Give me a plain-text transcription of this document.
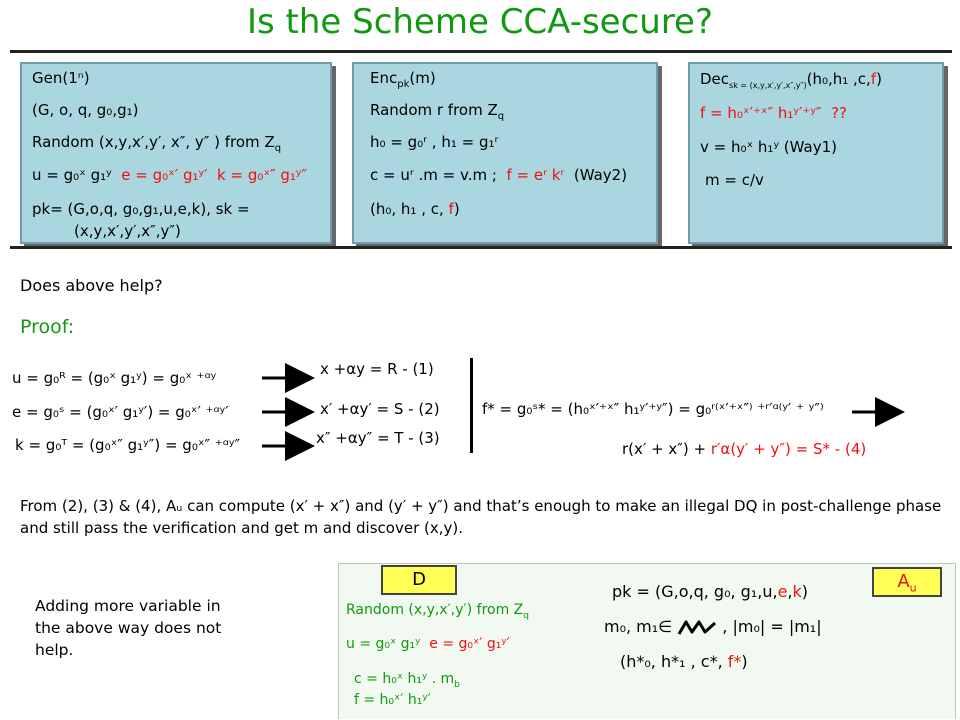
Is the Scheme CCA-secure?
Gen(1ⁿ)
(G, o, q, g₀,g₁)
Random (x,y,x′,y′, x″, y″ ) from $Z_q$
u = g₀ˣ g₁ʸ e = g₀ˣ′ g₁ʸ′ k = g₀ˣ″ g₁ʸ″
pk= (G,o,q, g₀,g₁,u,e,k), sk =
(x,y,x′,y′,x″,y″)
Enc$_{pk}$(m)
Random r from $Z_q$
h₀ = g₀ʳ , h₁ = g₁ʳ
c = uʳ .m = v.m ; f = eʳ kʳ (Way2)
(h₀, h₁ , c, f)
Dec$_{sk = (x,y,x',y',x'',y'')}$(h₀,h₁ ,c,f)
f = h₀ˣ′⁺ˣ″ h₁ʸ′⁺ʸ″ ??
v = h₀ˣ h₁ʸ (Way1)
m = c/v
Does above help?
Proof:
u = g₀ᴿ = (g₀ˣ g₁ʸ) = g₀ˣ ⁺ᵅʸ
e = g₀ˢ = (g₀ˣ′ g₁ʸ′) = g₀ˣ′ ⁺ᵅʸ′
k = g₀ᵀ = (g₀ˣ″ g₁ʸ″) = g₀ˣ″ ⁺ᵅʸ″
x +αy = R - (1)
x′ +αy′ = S - (2)
x″ +αy″ = T - (3)
f* = g₀ˢ* = (h₀ˣ′⁺ˣ″ h₁ʸ′⁺ʸ″) = g₀ʳ⁽ˣ′⁺ˣ″⁾ ⁺ʳ′ᵅ⁽ʸ′ ⁺ ʸ″⁾
r(x′ + x″) + r′α(y′ + y″) = S* - (4)
From (2), (3) & (4), Aᵤ can compute (x′ + x″) and (y′ + y″) and that’s enough to make an illegal DQ in post-challenge phase and still pass the verification and get m and discover (x,y).
Adding more variable in the above way does not help.
D	$A_u$
Random (x,y,x′,y′) from $Z_q$
u = g₀ˣ g₁ʸ e = g₀ˣ′ g₁ʸ′
c = h₀ˣ h₁ʸ . $m_b$
f = h₀ˣ′ h₁ʸ′
pk = (G,o,q, g₀, g₁,u,e,k)
m₀, m₁∈	, |m₀| = |m₁|
(h*₀, h*₁ , c*, f*)
